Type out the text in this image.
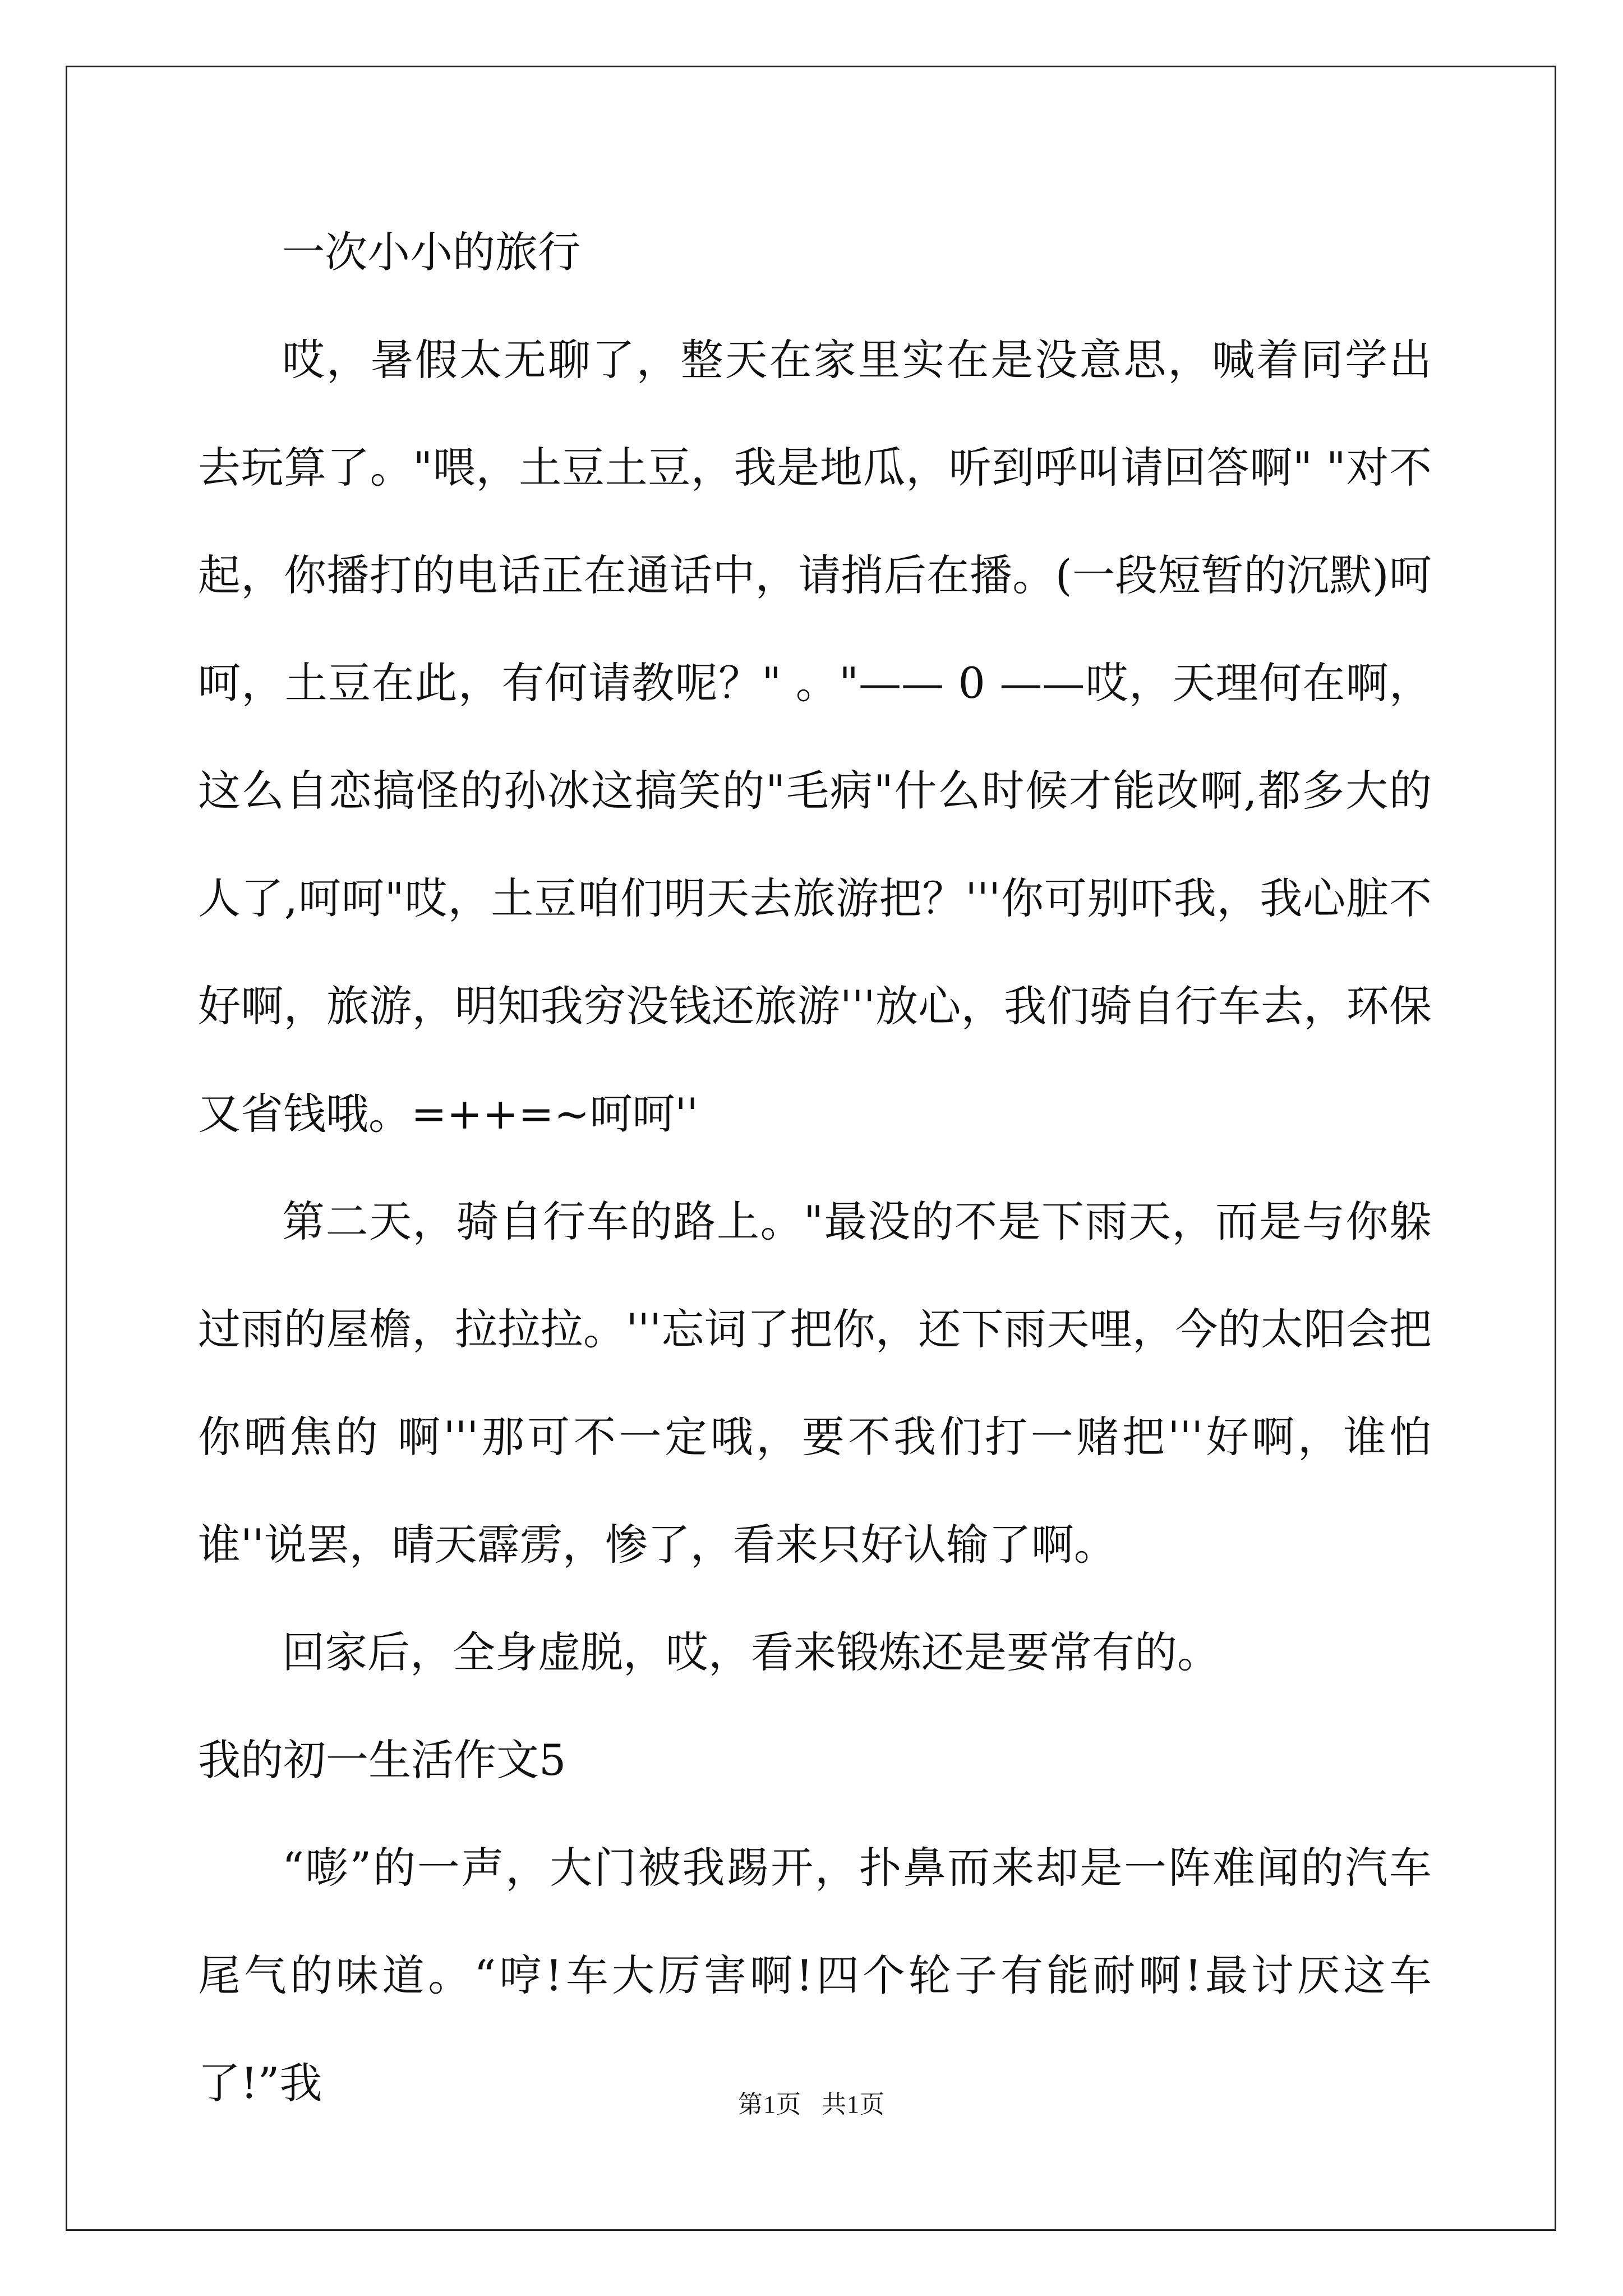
一次小小的旅行

哎，暑假太无聊了，整天在家里实在是没意思，喊着同学出去玩算了。"喂，土豆土豆，我是地瓜，听到呼叫请回答啊" "对不起，你播打的电话正在通话中，请捎后在播。(一段短暂的沉默)呵呵，土豆在此，有何请教呢？" 。"—— 0 ——哎，天理何在啊，这么自恋搞怪的孙冰这搞笑的"毛病"什么时候才能改啊,都多大的人了,呵呵"哎，土豆咱们明天去旅游把？'''你可别吓我，我心脏不好啊，旅游，明知我穷没钱还旅游'''放心，我们骑自行车去，环保又省钱哦。=++=~呵呵''

第二天，骑自行车的路上。"最没的不是下雨天，而是与你躲过雨的屋檐，拉拉拉。'''忘词了把你，还下雨天哩，今的太阳会把你晒焦的 啊'''那可不一定哦，要不我们打一赌把'''好啊，谁怕谁''说罢，晴天霹雳，惨了，看来只好认输了啊。

回家后，全身虚脱，哎，看来锻炼还是要常有的。

我的初一生活作文5

“嘭”的一声，大门被我踢开，扑鼻而来却是一阵难闻的汽车尾气的味道。“哼!车大厉害啊!四个轮子有能耐啊!最讨厌这车了!”我	第1页   共1页
